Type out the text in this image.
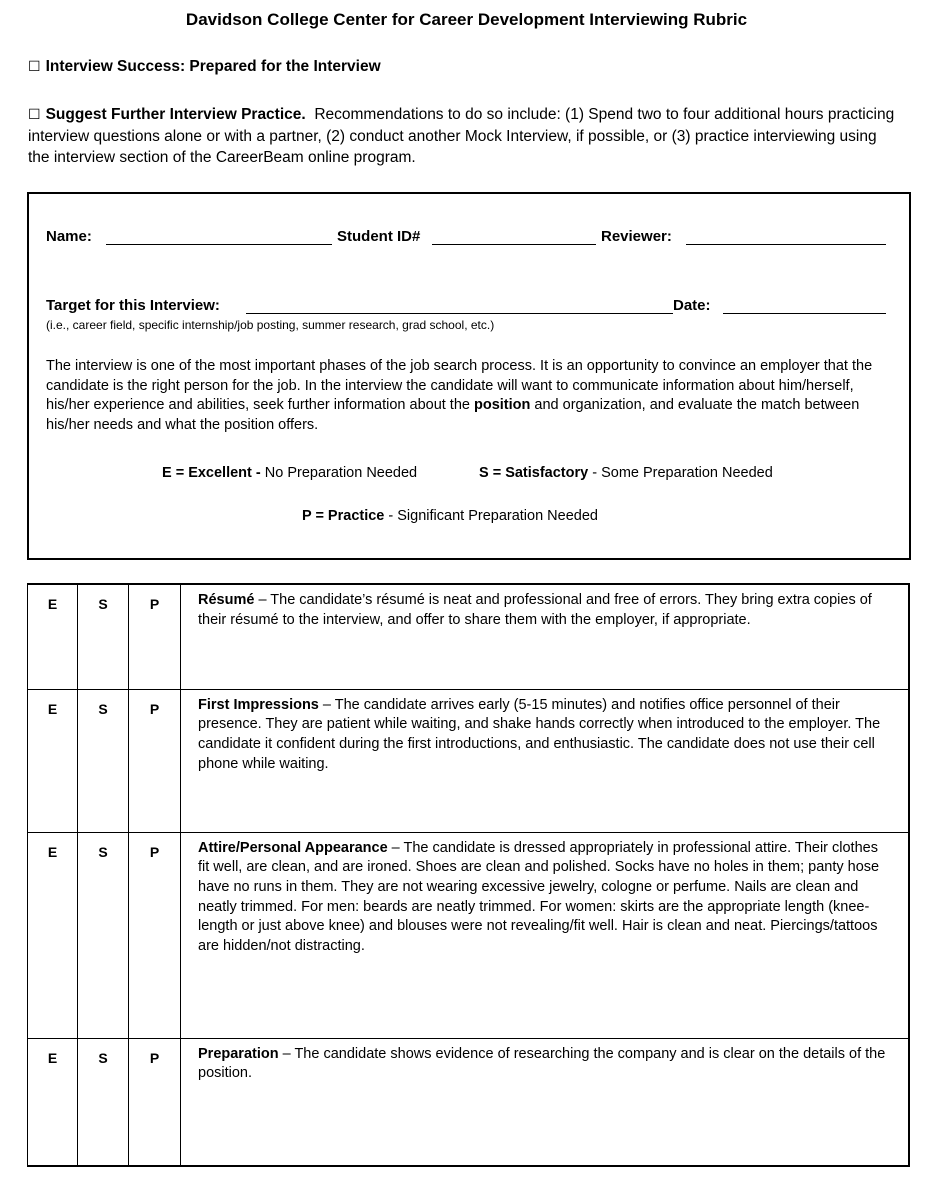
Davidson College Center for Career Development Interviewing Rubric
☐ Interview Success: Prepared for the Interview
☐ Suggest Further Interview Practice. Recommendations to do so include: (1) Spend two to four additional hours practicing interview questions alone or with a partner, (2) conduct another Mock Interview, if possible, or (3) practice interviewing using the interview section of the CareerBeam online program.
Name:	Student ID#	Reviewer:
Target for this Interview:	Date:
(i.e., career field, specific internship/job posting, summer research, grad school, etc.)
The interview is one of the most important phases of the job search process. It is an opportunity to convince an employer that the candidate is the right person for the job. In the interview the candidate will want to communicate information about him/herself, his/her experience and abilities, seek further information about the position and organization, and evaluate the match between his/her needs and what the position offers.
E = Excellent - No Preparation Needed	S = Satisfactory - Some Preparation Needed
P = Practice - Significant Preparation Needed
E	S	P	Résumé – The candidate’s résumé is neat and professional and free of errors. They bring extra copies of their résumé to the interview, and offer to share them with the employer, if appropriate.
E	S	P	First Impressions – The candidate arrives early (5-15 minutes) and notifies office personnel of their presence. They are patient while waiting, and shake hands correctly when introduced to the employer. The candidate it confident during the first introductions, and enthusiastic. The candidate does not use their cell phone while waiting.
E	S	P	Attire/Personal Appearance – The candidate is dressed appropriately in professional attire. Their clothes fit well, are clean, and are ironed. Shoes are clean and polished. Socks have no holes in them; panty hose have no runs in them. They are not wearing excessive jewelry, cologne or perfume. Nails are clean and neatly trimmed. For men: beards are neatly trimmed. For women: skirts are the appropriate length (knee-length or just above knee) and blouses were not revealing/fit well. Hair is clean and neat. Piercings/tattoos are hidden/not distracting.
E	S	P	Preparation – The candidate shows evidence of researching the company and is clear on the details of the position.
